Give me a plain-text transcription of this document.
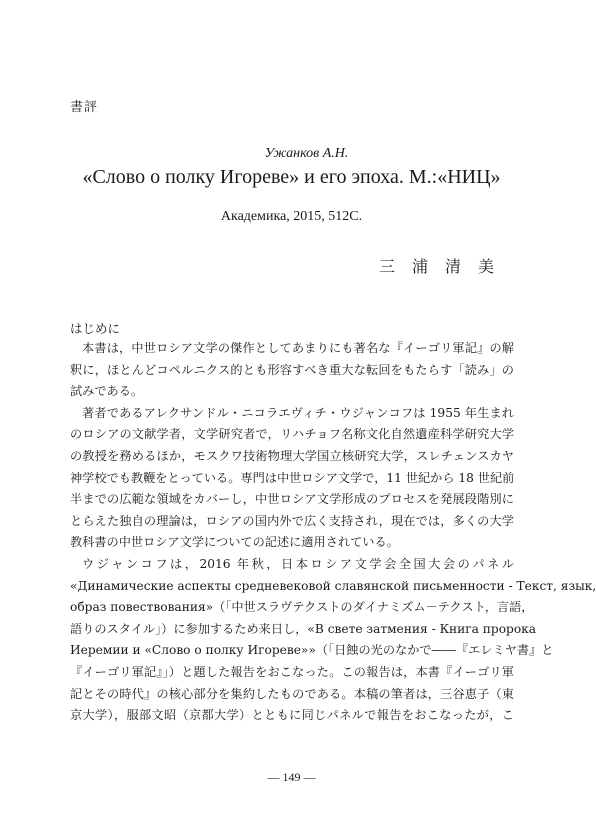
書評
Ужанков А.Н.
«Слово о полку Игореве» и его эпоха. М.:«НИЦ»
Академика, 2015, 512С.
三浦清美
はじめに
本書は，中世ロシア文学の傑作としてあまりにも著名な『イーゴリ軍記』の解
釈に，ほとんどコペルニクス的とも形容すべき重大な転回をもたらす「読み」の
試みである。
著者であるアレクサンドル・ニコラエヴィチ・ウジャンコフは 1955 年生まれ
のロシアの文献学者，文学研究者で，リハチョフ名称文化自然遺産科学研究大学
の教授を務めるほか，モスクワ技術物理大学国立核研究大学，スレチェンスカヤ
神学校でも教鞭をとっている。専門は中世ロシア文学で，11 世紀から 18 世紀前
半までの広範な領域をカバーし，中世ロシア文学形成のプロセスを発展段階別に
とらえた独自の理論は，ロシアの国内外で広く支持され，現在では，多くの大学
教科書の中世ロシア文学についての記述に適用されている。
ウジャンコフは，2016 年秋，日本ロシア文学会全国大会のパネル
«Динамические аспекты средневековой славянской письменности - Текст, язык,
образ повествования»（「中世スラヴテクストのダイナミズム－テクスト，言語，
語りのスタイル」）に参加するため来日し，«В свете затмения - Книга пророка
Иеремии и «Слово о полку Игореве»»（「日蝕の光のなかで――『エレミヤ書』と
『イーゴリ軍記』」）と題した報告をおこなった。この報告は，本書『イーゴリ軍
記とその時代』の核心部分を集約したものである。本稿の筆者は，三谷恵子（東
京大学），服部文昭（京都大学）とともに同じパネルで報告をおこなったが，こ
― 149 ―
